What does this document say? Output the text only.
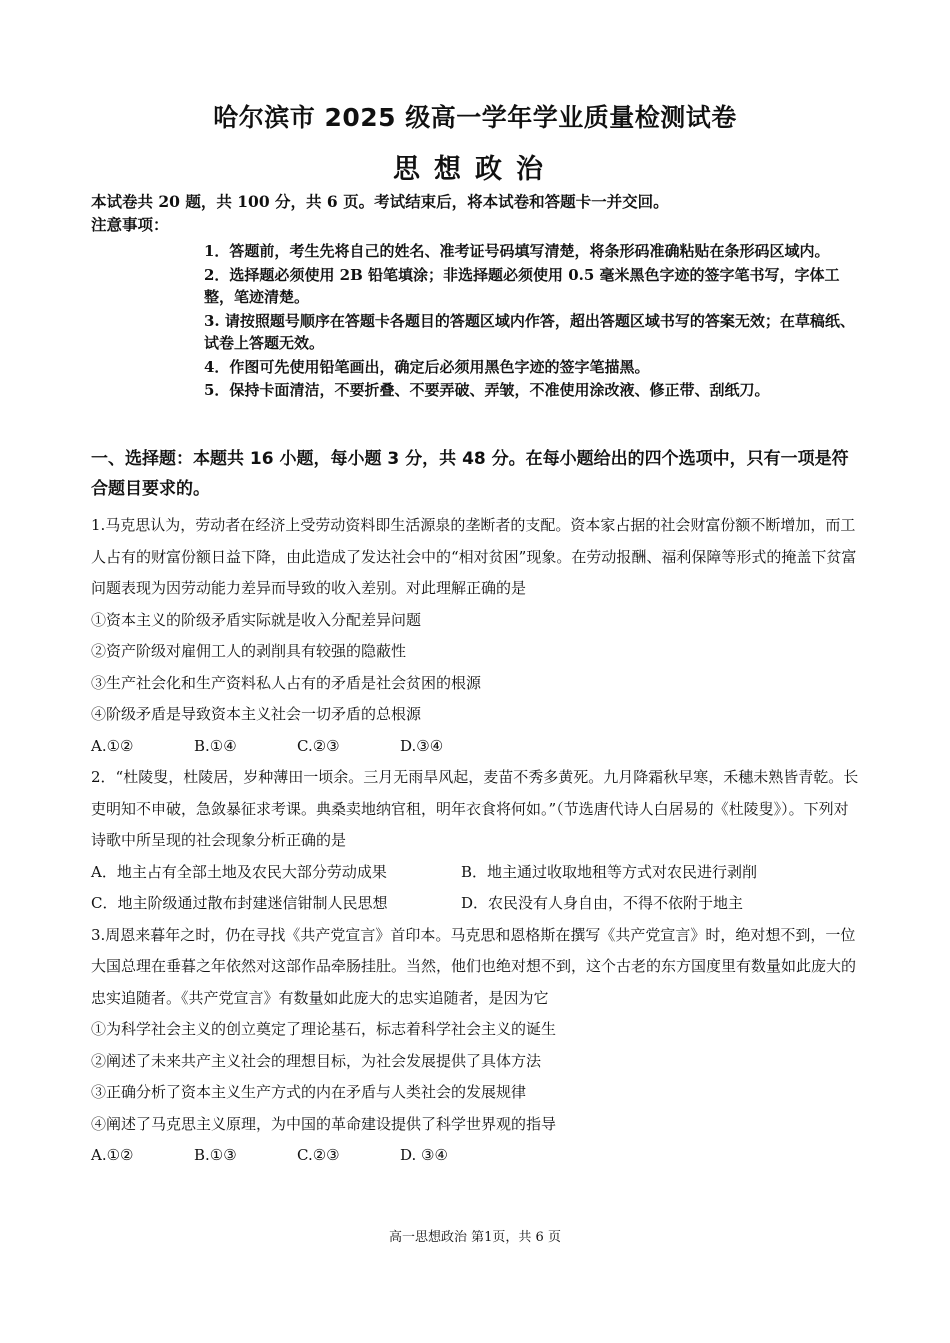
哈尔滨市 2025 级高一学年学业质量检测试卷
思想政治
本试卷共 20 题，共 100 分，共 6 页。考试结束后，将本试卷和答题卡一并交回。
注意事项：

1．答题前，考生先将自己的姓名、准考证号码填写清楚，将条形码准确粘贴在条形码区域内。

2．选择题必须使用 2B 铅笔填涂；非选择题必须使用 0.5 毫米黑色字迹的签字笔书写，字体工整，笔迹清楚。

3. 请按照题号顺序在答题卡各题目的答题区域内作答，超出答题区域书写的答案无效；在草稿纸、试卷上答题无效。

4．作图可先使用铅笔画出，确定后必须用黑色字迹的签字笔描黑。

5．保持卡面清洁，不要折叠、不要弄破、弄皱，不准使用涂改液、修正带、刮纸刀。

一、选择题：本题共 16 小题，每小题 3 分，共 48 分。在每小题给出的四个选项中，只有一项是符合题目要求的。

1.马克思认为，劳动者在经济上受劳动资料即生活源泉的垄断者的支配。资本家占据的社会财富份额不断增加，而工人占有的财富份额日益下降，由此造成了发达社会中的“相对贫困”现象。在劳动报酬、福利保障等形式的掩盖下贫富问题表现为因劳动能力差异而导致的收入差别。对此理解正确的是

①资本主义的阶级矛盾实际就是收入分配差异问题

②资产阶级对雇佣工人的剥削具有较强的隐蔽性

③生产社会化和生产资料私人占有的矛盾是社会贫困的根源

④阶级矛盾是导致资本主义社会一切矛盾的总根源

A.①②	B.①④	C.②③	D.③④

2．“杜陵叟，杜陵居，岁种薄田一顷余。三月无雨旱风起，麦苗不秀多黄死。九月降霜秋早寒，禾穗未熟皆青乾。长吏明知不申破，急敛暴征求考课。典桑卖地纳官租，明年衣食将何如。”（节选唐代诗人白居易的《杜陵叟》）。下列对诗歌中所呈现的社会现象分析正确的是

A．地主占有全部土地及农民大部分劳动成果	B．地主通过收取地租等方式对农民进行剥削
C．地主阶级通过散布封建迷信钳制人民思想	D．农民没有人身自由，不得不依附于地主

3.周恩来暮年之时，仍在寻找《共产党宣言》首印本。马克思和恩格斯在撰写《共产党宣言》时，绝对想不到，一位大国总理在垂暮之年依然对这部作品牵肠挂肚。当然，他们也绝对想不到，这个古老的东方国度里有数量如此庞大的忠实追随者。《共产党宣言》有数量如此庞大的忠实追随者，是因为它

①为科学社会主义的创立奠定了理论基石，标志着科学社会主义的诞生

②阐述了未来共产主义社会的理想目标，为社会发展提供了具体方法

③正确分析了资本主义生产方式的内在矛盾与人类社会的发展规律

④阐述了马克思主义原理，为中国的革命建设提供了科学世界观的指导

A.①②	B.①③	C.②③	D. ③④
高一思想政治 第1页，共 6 页
